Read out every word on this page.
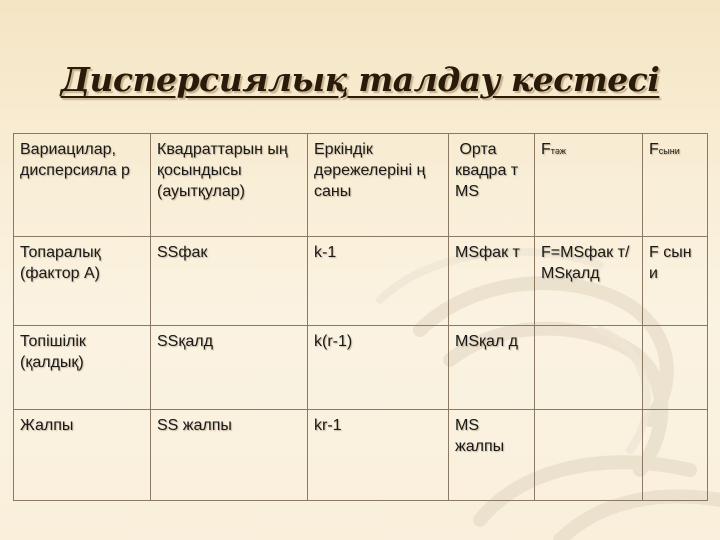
Дисперсиялық талдау кестесі
Вариацилар, дисперсияла р	Квадраттарын ың қосындысы (ауытқулар)	Еркіндік дәрежелеріні ң саны	Орта квадра т MS	Fтәж	Fсыни
Топаралық (фактор А)	SSфак	k-1	MSфак т	F=MSфак т/ MSқалд	F сын и
Топішілік (қалдық)	SSқалд	k(r-1)	MSқал д		
Жалпы	SS жалпы	kr-1	MS жалпы		
